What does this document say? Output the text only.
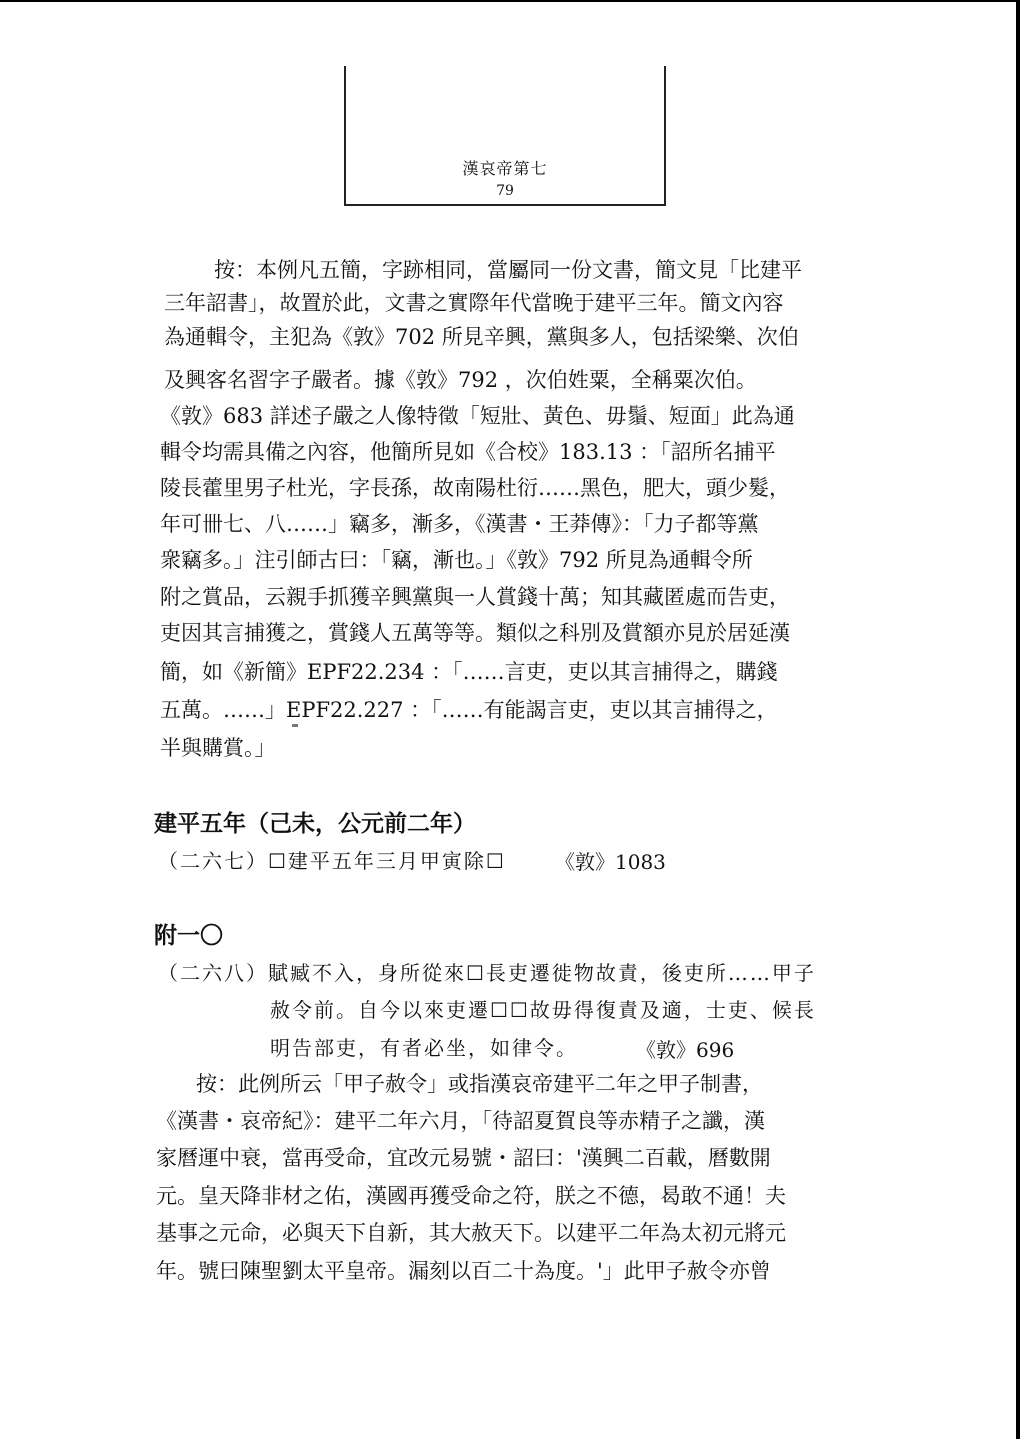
漢哀帝第七
79
按：本例凡五簡，字跡相同，當屬同一份文書，簡文見「比建平
三年詔書」，故置於此，文書之實際年代當晚于建平三年。簡文內容
為通輯令，主犯為《敦》702 所見辛興，黨與多人，包括梁樂、次伯
及興客名習字子嚴者。據《敦》792 ，次伯姓粟，全稱粟次伯。
《敦》683 詳述子嚴之人像特徵「短壯、黃色、毋鬚、短面」此為通
輯令均需具備之內容，他簡所見如《合校》183.13 ：「詔所名捕平
陵長藿里男子杜光，字長孫，故南陽杜衍……黑色，肥大，頭少髮，
年可卌七、八……」竊多，漸多，《漢書・王莽傳》：「力子都等黨
衆竊多。」注引師古曰：「竊，漸也。」《敦》792 所見為通輯令所
附之賞品，云親手抓獲辛興黨與一人賞錢十萬；知其藏匿處而告吏，
吏因其言捕獲之，賞錢人五萬等等。類似之科別及賞額亦見於居延漢
簡，如《新簡》EPF22.234 ：「……言吏，吏以其言捕得之，購錢
五萬。……」EPF22.227 ：「……有能謁言吏，吏以其言捕得之，
半與購賞。」
建平五年（己未，公元前二年）
（二六七）☐建平五年三月甲寅除☐ 《敦》1083
附一〇
（二六八）賦臧不入，身所從來☐長吏遷徙物故責，後吏所……甲子
赦令前。自今以來吏遷☐☐故毋得復責及適，士吏、候長
明告部吏，有者必坐，如律令。	《敦》696
按：此例所云「甲子赦令」或指漢哀帝建平二年之甲子制書，
《漢書・哀帝紀》：建平二年六月，「待詔夏賀良等赤精子之讖，漢
家曆運中衰，當再受命，宜改元易號・詔曰：'漢興二百載，曆數開
元。皇天降非材之佑，漢國再獲受命之符，朕之不德，曷敢不通！夫
基事之元命，必與天下自新，其大赦天下。以建平二年為太初元將元
年。號曰陳聖劉太平皇帝。漏刻以百二十為度。'」此甲子赦令亦曾
